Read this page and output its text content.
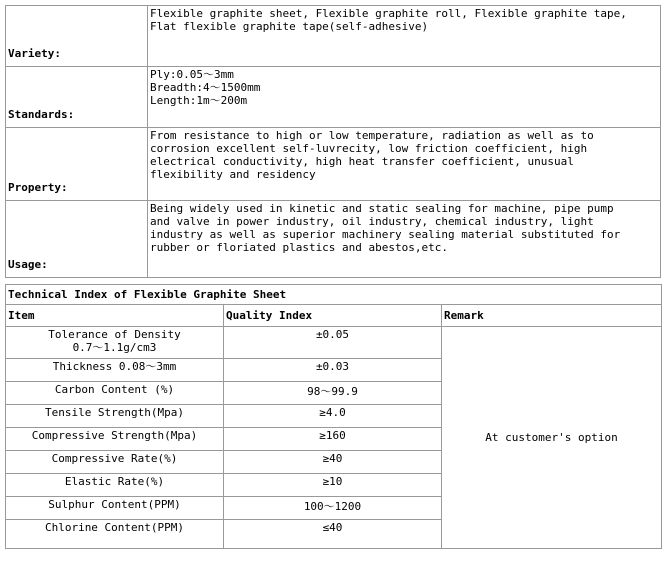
Variety:	Flexible graphite sheet, Flexible graphite roll, Flexible graphite tape,
Flat flexible graphite tape(self-adhesive)

Standards:	Ply:0.05～3mm
Breadth:4～1500mm
Length:1m～200m

Property:	From resistance to high or low temperature, radiation as well as to
corrosion excellent self-luvrecity, low friction coefficient, high
electrical conductivity, high heat transfer coefficient, unusual
flexibility and residency

Usage:	Being widely used in kinetic and static sealing for machine, pipe pump
and valve in power industry, oil industry, chemical industry, light
industry as well as superior machinery sealing material substituted for
rubber or floriated plastics and abestos,etc.
Technical Index of Flexible Graphite Sheet		
Item	Quality Index	Remark

Tolerance of Density
0.7～1.1g/cm3	±0.05	At customer's option
Thickness 0.08～3mm	±0.03	
Carbon Content (%)	98～99.9	
Tensile Strength(Mpa)	≥4.0	
Compressive Strength(Mpa)	≥160	
Compressive Rate(%)	≥40	
Elastic Rate(%)	≥10	
Sulphur Content(PPM)	100～1200	
Chlorine Content(PPM)	≤40	
